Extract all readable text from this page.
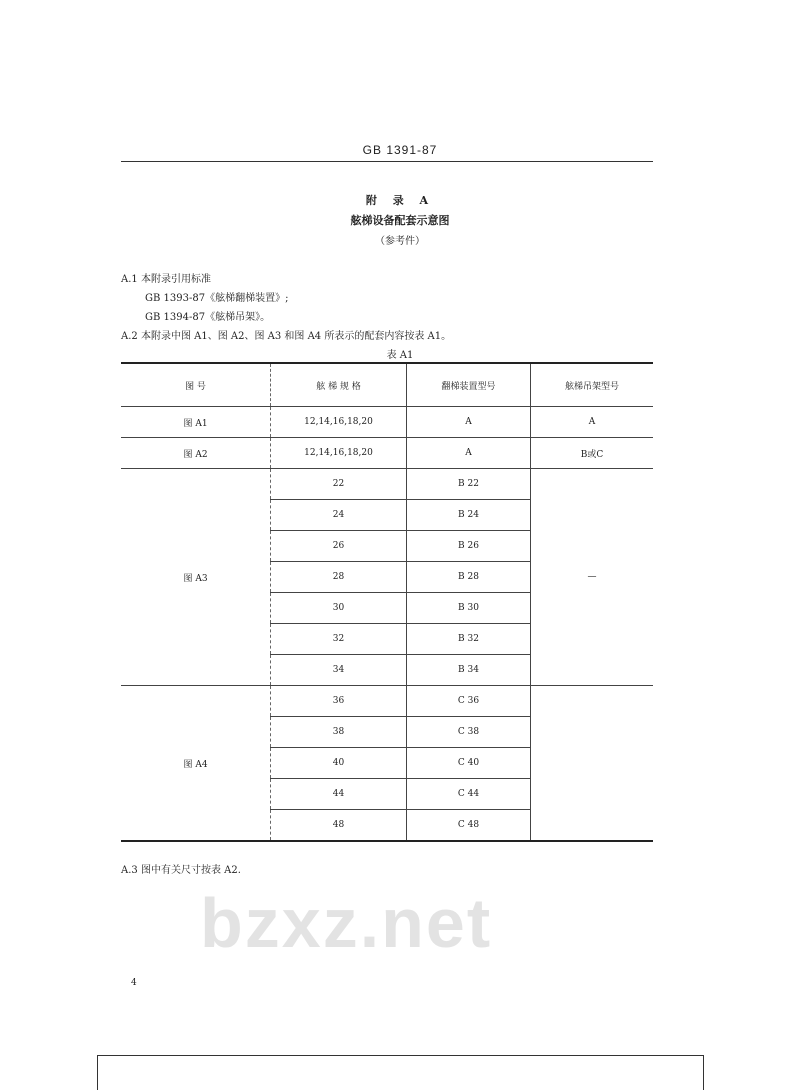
GB 1391-87
附 录 A
舷梯设备配套示意图
（参考件）
A.1 本附录引用标准
GB 1393-87《舷梯翻梯装置》;
GB 1394-87《舷梯吊架》。
A.2 本附录中图 A1、图 A2、图 A3 和图 A4 所表示的配套内容按表 A1。
表 A1
图 号	舷 梯 规 格	翻梯装置型号	舷梯吊架型号
图 A1	12,14,16,18,20	A	A
图 A2	12,14,16,18,20	A	B或C
图 A3	22	B 22	—
	24	B 24	
	26	B 26	
	28	B 28	
	30	B 30	
	32	B 32	
	34	B 34	
图 A4	36	C 36	
	38	C 38	
	40	C 40	
	44	C 44	
	48	C 48	
A.3 图中有关尺寸按表 A2.
bzxz.net
4
